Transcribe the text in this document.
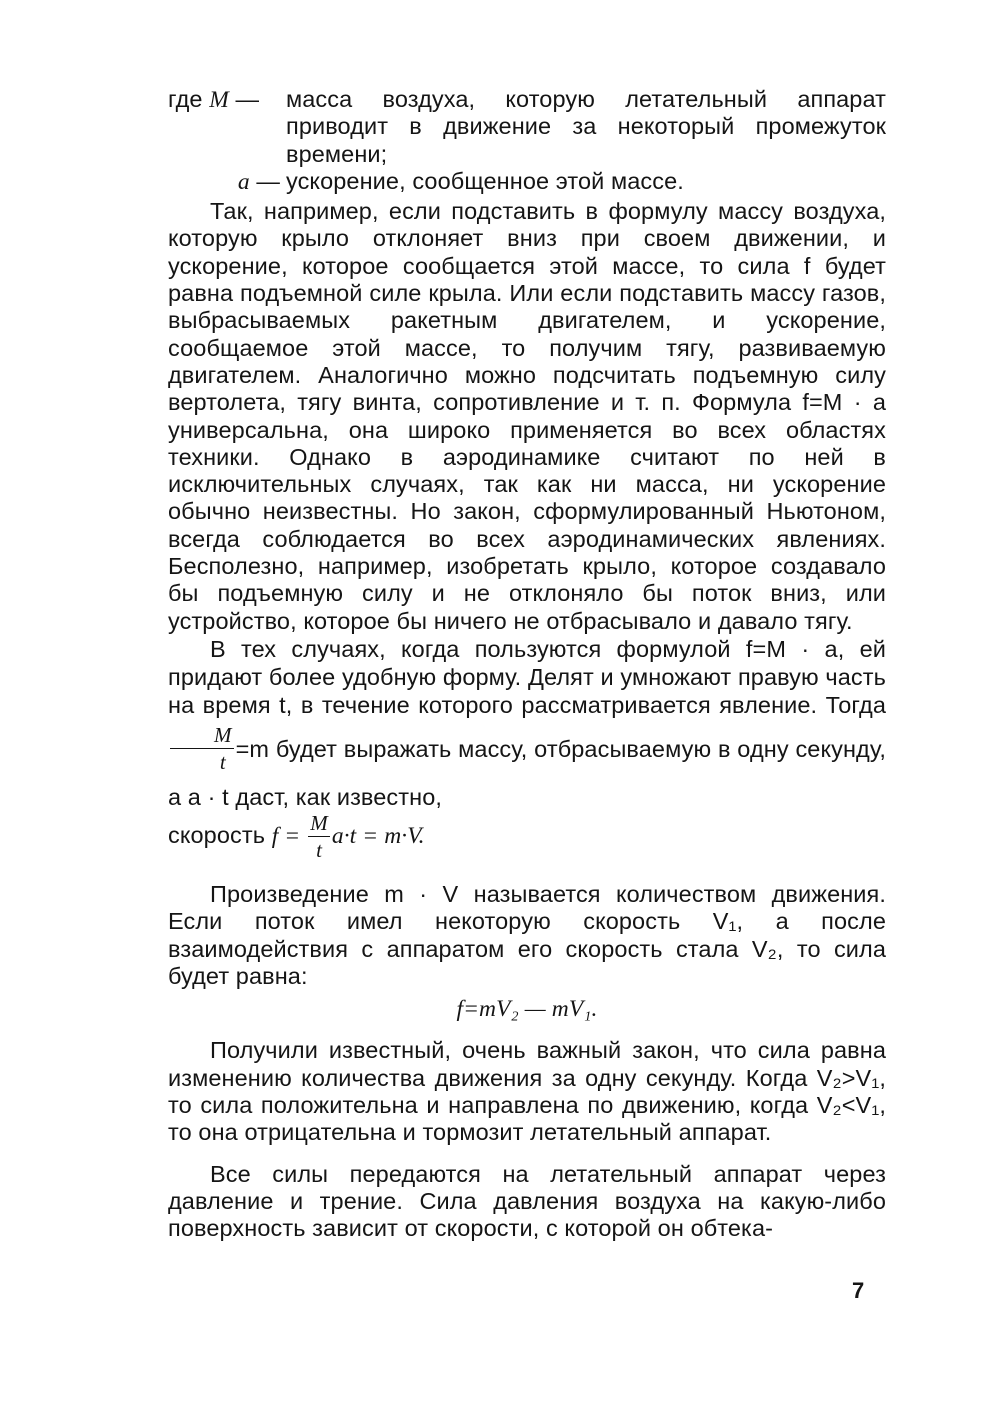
где M —	масса воздуха, которую летательный аппарат приводит в движение за некоторый промежуток времени;
a — ускорение, сообщенное этой массе.

Так, например, если подставить в формулу массу воздуха, которую крыло отклоняет вниз при своем движении, и ускорение, которое сообщается этой массе, то сила f будет равна подъемной силе крыла. Или если подставить массу газов, выбрасываемых ракетным двигателем, и ускорение, сообщаемое этой массе, то получим тягу, развиваемую двигателем. Аналогично можно подсчитать подъемную силу вертолета, тягу винта, сопротивление и т. п. Формула f=M · a универсальна, она широко применяется во всех областях техники. Однако в аэродинамике считают по ней в исключительных случаях, так как ни масса, ни ускорение обычно неизвестны. Но закон, сформулированный Ньютоном, всегда соблюдается во всех аэродинамических явлениях. Бесполезно, например, изобретать крыло, которое создавало бы подъемную силу и не отклоняло бы поток вниз, или устройство, которое бы ничего не отбрасывало и давало тягу.

В тех случаях, когда пользуются формулой f=M · a, ей придают более удобную форму. Делят и умножают правую часть на время t, в течение которого рассматривается явление. Тогда
$\frac{M}{t} =m$ будет выражать массу, отбрасываемую в одну секунду, а a · t даст, как известно,

скорость $f = \frac{M}{t} a\cdot t = m\cdot V$.

Произведение m · V называется количеством движения. Если поток имел некоторую скорость V₁, а после взаимодействия с аппаратом его скорость стала V₂, то сила будет равна:

f=mV₂ — mV₁.

Получили известный, очень важный закон, что сила равна изменению количества движения за одну секунду. Когда V₂>V₁, то сила положительна и направлена по движению, когда V₂<V₁, то она отрицательна и тормозит летательный аппарат.

Все силы передаются на летательный аппарат через давление и трение. Сила давления воздуха на какую-либо поверхность зависит от скорости, с которой он обтека-

7
